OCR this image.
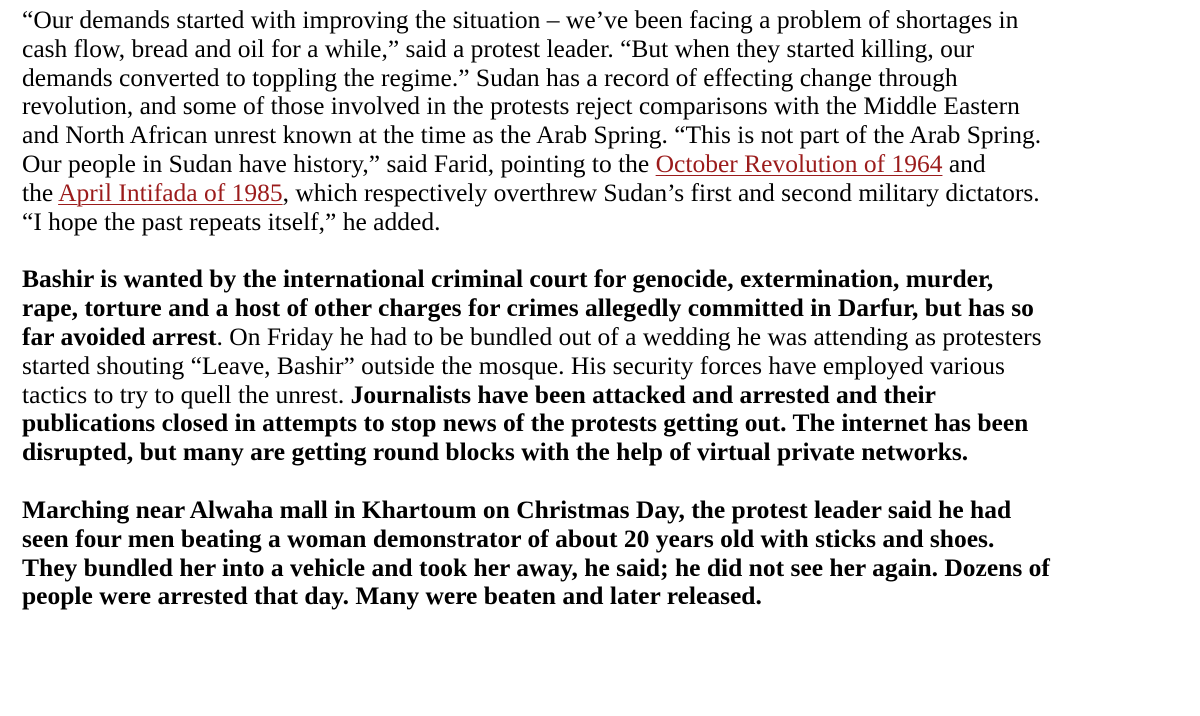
“Our demands started with improving the situation – we’ve been facing a problem of shortages in
cash flow, bread and oil for a while,” said a protest leader. “But when they started killing, our
demands converted to toppling the regime.” Sudan has a record of effecting change through
revolution, and some of those involved in the protests reject comparisons with the Middle Eastern
and North African unrest known at the time as the Arab Spring. “This is not part of the Arab Spring.
Our people in Sudan have history,” said Farid, pointing to the October Revolution of 1964 and
the April Intifada of 1985, which respectively overthrew Sudan’s first and second military dictators.
“I hope the past repeats itself,” he added.

Bashir is wanted by the international criminal court for genocide, extermination, murder,
rape, torture and a host of other charges for crimes allegedly committed in Darfur, but has so
far avoided arrest. On Friday he had to be bundled out of a wedding he was attending as protesters
started shouting “Leave, Bashir” outside the mosque. His security forces have employed various
tactics to try to quell the unrest. Journalists have been attacked and arrested and their
publications closed in attempts to stop news of the protests getting out. The internet has been
disrupted, but many are getting round blocks with the help of virtual private networks.

Marching near Alwaha mall in Khartoum on Christmas Day, the protest leader said he had
seen four men beating a woman demonstrator of about 20 years old with sticks and shoes.
They bundled her into a vehicle and took her away, he said; he did not see her again. Dozens of
people were arrested that day. Many were beaten and later released.
